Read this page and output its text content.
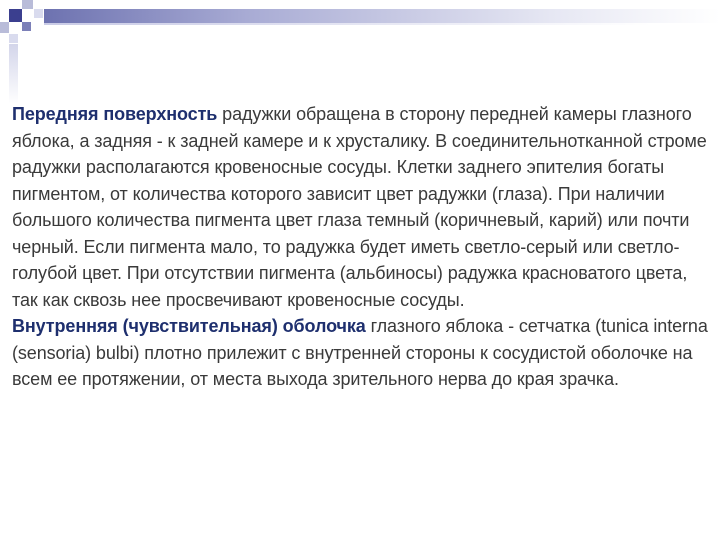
Передняя поверхность радужки обращена в сторону передней камеры глазного яблока, а задняя - к задней камере и к хрусталику. В соединительнотканной строме радужки располагаются кровеносные сосуды. Клетки заднего эпителия богаты пигментом, от количества которого зависит цвет радужки (глаза). При наличии большого количества пигмента цвет глаза темный (коричневый, карий) или почти черный. Если пигмента мало, то радужка будет иметь светло-серый или светло-голубой цвет. При отсутствии пигмента (альбиносы) радужка красноватого цвета, так как сквозь нее просвечивают кровеносные сосуды.

Внутренняя (чувствительная) оболочка глазного яблока - сетчатка (tunica interna (sensoria) bulbi) плотно прилежит с внутренней стороны к сосудистой оболочке на всем ее протяжении, от места выхода зрительного нерва до края зрачка.
